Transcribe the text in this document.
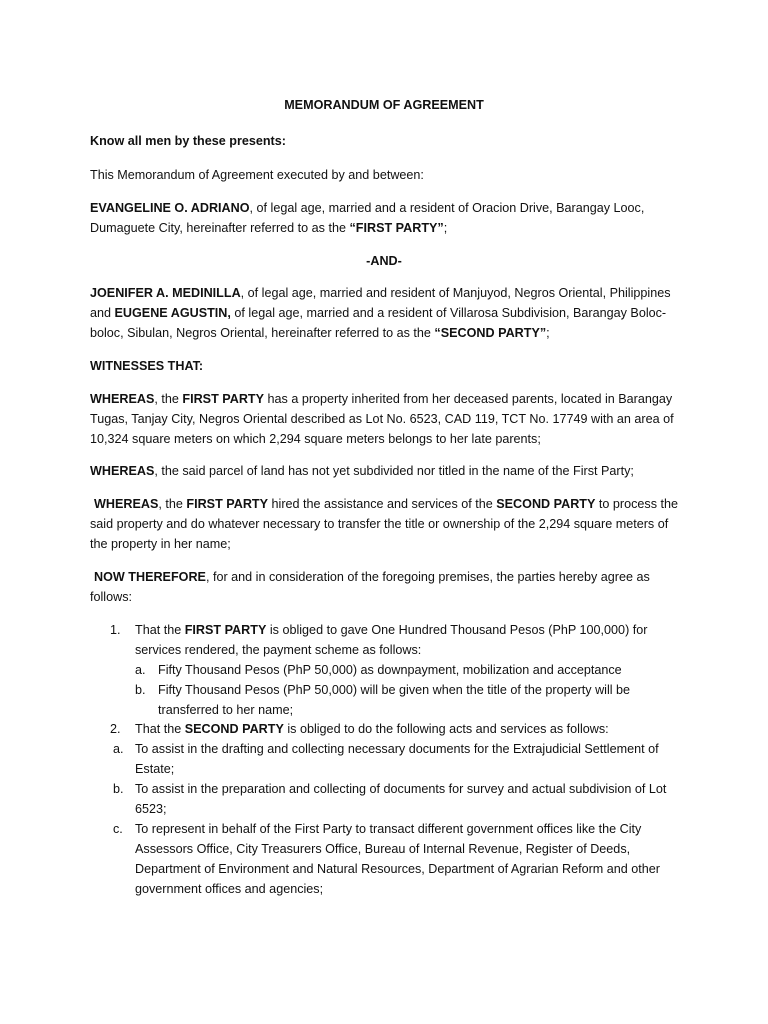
MEMORANDUM OF AGREEMENT

Know all men by these presents:

This Memorandum of Agreement executed by and between:

EVANGELINE O. ADRIANO, of legal age, married and a resident of Oracion Drive, Barangay Looc, Dumaguete City, hereinafter referred to as the “FIRST PARTY”;

-AND-

JOENIFER A. MEDINILLA, of legal age, married and resident of Manjuyod, Negros Oriental, Philippines and EUGENE AGUSTIN, of legal age, married and a resident of Villarosa Subdivision, Barangay Boloc-boloc, Sibulan, Negros Oriental, hereinafter referred to as the “SECOND PARTY”;

WITNESSES THAT:

WHEREAS, the FIRST PARTY has a property inherited from her deceased parents, located in Barangay Tugas, Tanjay City, Negros Oriental described as Lot No. 6523, CAD 119, TCT No. 17749 with an area of 10,324 square meters on which 2,294 square meters belongs to her late parents;

WHEREAS, the said parcel of land has not yet subdivided nor titled in the name of the First Party;

WHEREAS, the FIRST PARTY hired the assistance and services of the SECOND PARTY to process the said property and do whatever necessary to transfer the title or ownership of the 2,294 square meters of the property in her name;

NOW THEREFORE, for and in consideration of the foregoing premises, the parties hereby agree as follows:

1. That the FIRST PARTY is obliged to gave One Hundred Thousand Pesos (PhP 100,000) for services rendered, the payment scheme as follows:

a. Fifty Thousand Pesos (PhP 50,000) as downpayment, mobilization and acceptance

b. Fifty Thousand Pesos (PhP 50,000) will be given when the title of the property will be transferred to her name;

2. That the SECOND PARTY is obliged to do the following acts and services as follows:

a. To assist in the drafting and collecting necessary documents for the Extrajudicial Settlement of Estate;

b. To assist in the preparation and collecting of documents for survey and actual subdivision of Lot 6523;

c. To represent in behalf of the First Party to transact different government offices like the City Assessors Office, City Treasurers Office, Bureau of Internal Revenue, Register of Deeds, Department of Environment and Natural Resources, Department of Agrarian Reform and other government offices and agencies;
